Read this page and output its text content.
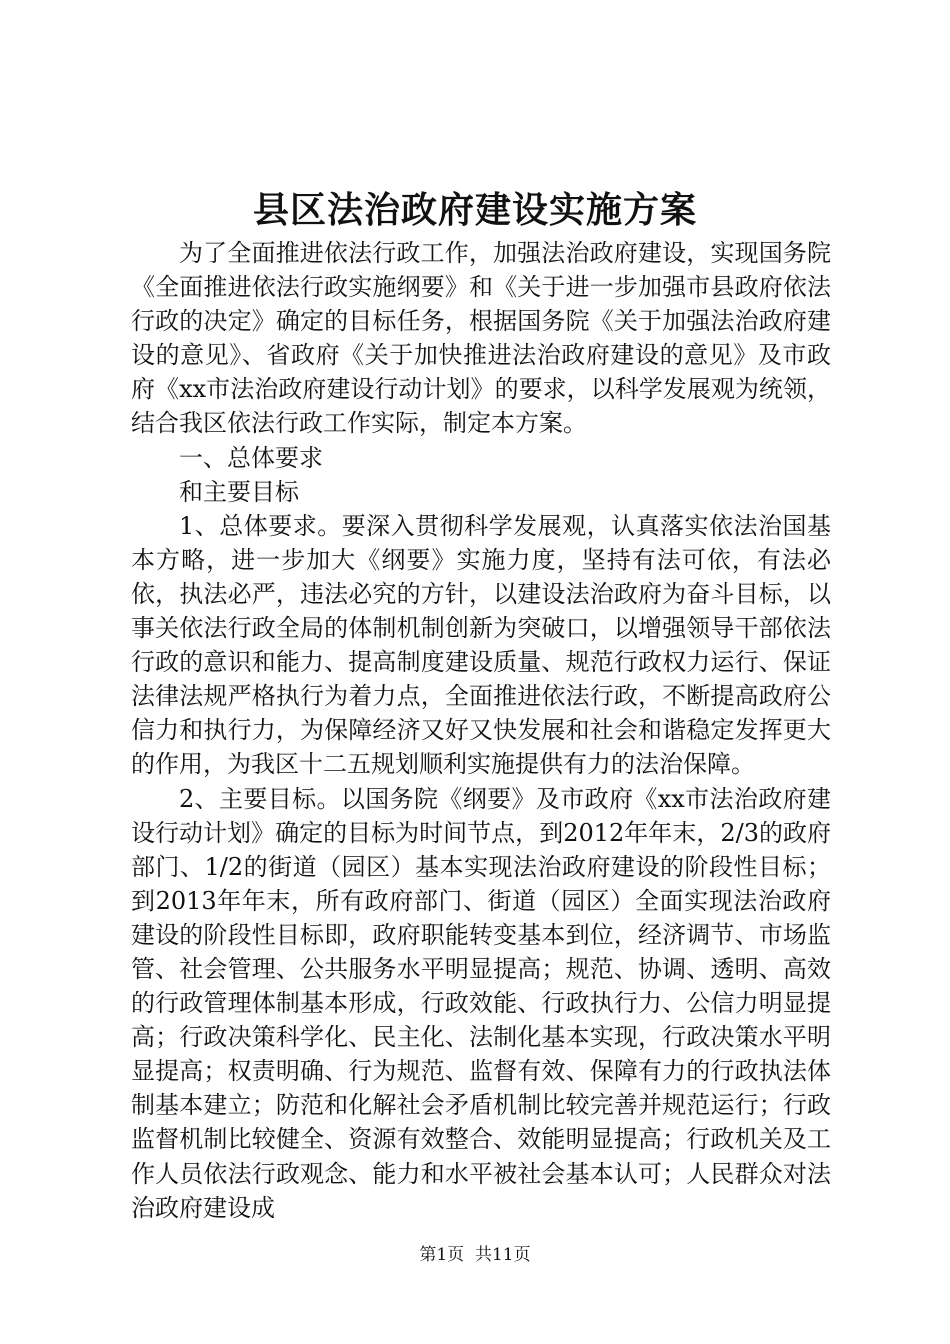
县区法治政府建设实施方案

为了全面推进依法行政工作，加强法治政府建设，实现国务院《全面推进依法行政实施纲要》和《关于进一步加强市县政府依法行政的决定》确定的目标任务，根据国务院《关于加强法治政府建设的意见》、省政府《关于加快推进法治政府建设的意见》及市政府《xx市法治政府建设行动计划》的要求，以科学发展观为统领，结合我区依法行政工作实际，制定本方案。

一、总体要求

和主要目标

1、总体要求。要深入贯彻科学发展观，认真落实依法治国基本方略，进一步加大《纲要》实施力度，坚持有法可依，有法必依，执法必严，违法必究的方针，以建设法治政府为奋斗目标，以事关依法行政全局的体制机制创新为突破口，以增强领导干部依法行政的意识和能力、提高制度建设质量、规范行政权力运行、保证法律法规严格执行为着力点，全面推进依法行政，不断提高政府公信力和执行力，为保障经济又好又快发展和社会和谐稳定发挥更大的作用，为我区十二五规划顺利实施提供有力的法治保障。

2、主要目标。以国务院《纲要》及市政府《xx市法治政府建设行动计划》确定的目标为时间节点，到2012年年末，2/3的政府部门、1/2的街道（园区）基本实现法治政府建设的阶段性目标；到2013年年末，所有政府部门、街道（园区）全面实现法治政府建设的阶段性目标即，政府职能转变基本到位，经济调节、市场监管、社会管理、公共服务水平明显提高；规范、协调、透明、高效的行政管理体制基本形成，行政效能、行政执行力、公信力明显提高；行政决策科学化、民主化、法制化基本实现，行政决策水平明显提高；权责明确、行为规范、监督有效、保障有力的行政执法体制基本建立；防范和化解社会矛盾机制比较完善并规范运行；行政监督机制比较健全、资源有效整合、效能明显提高；行政机关及工作人员依法行政观念、能力和水平被社会基本认可；人民群众对法治政府建设成

第1页  共11页
